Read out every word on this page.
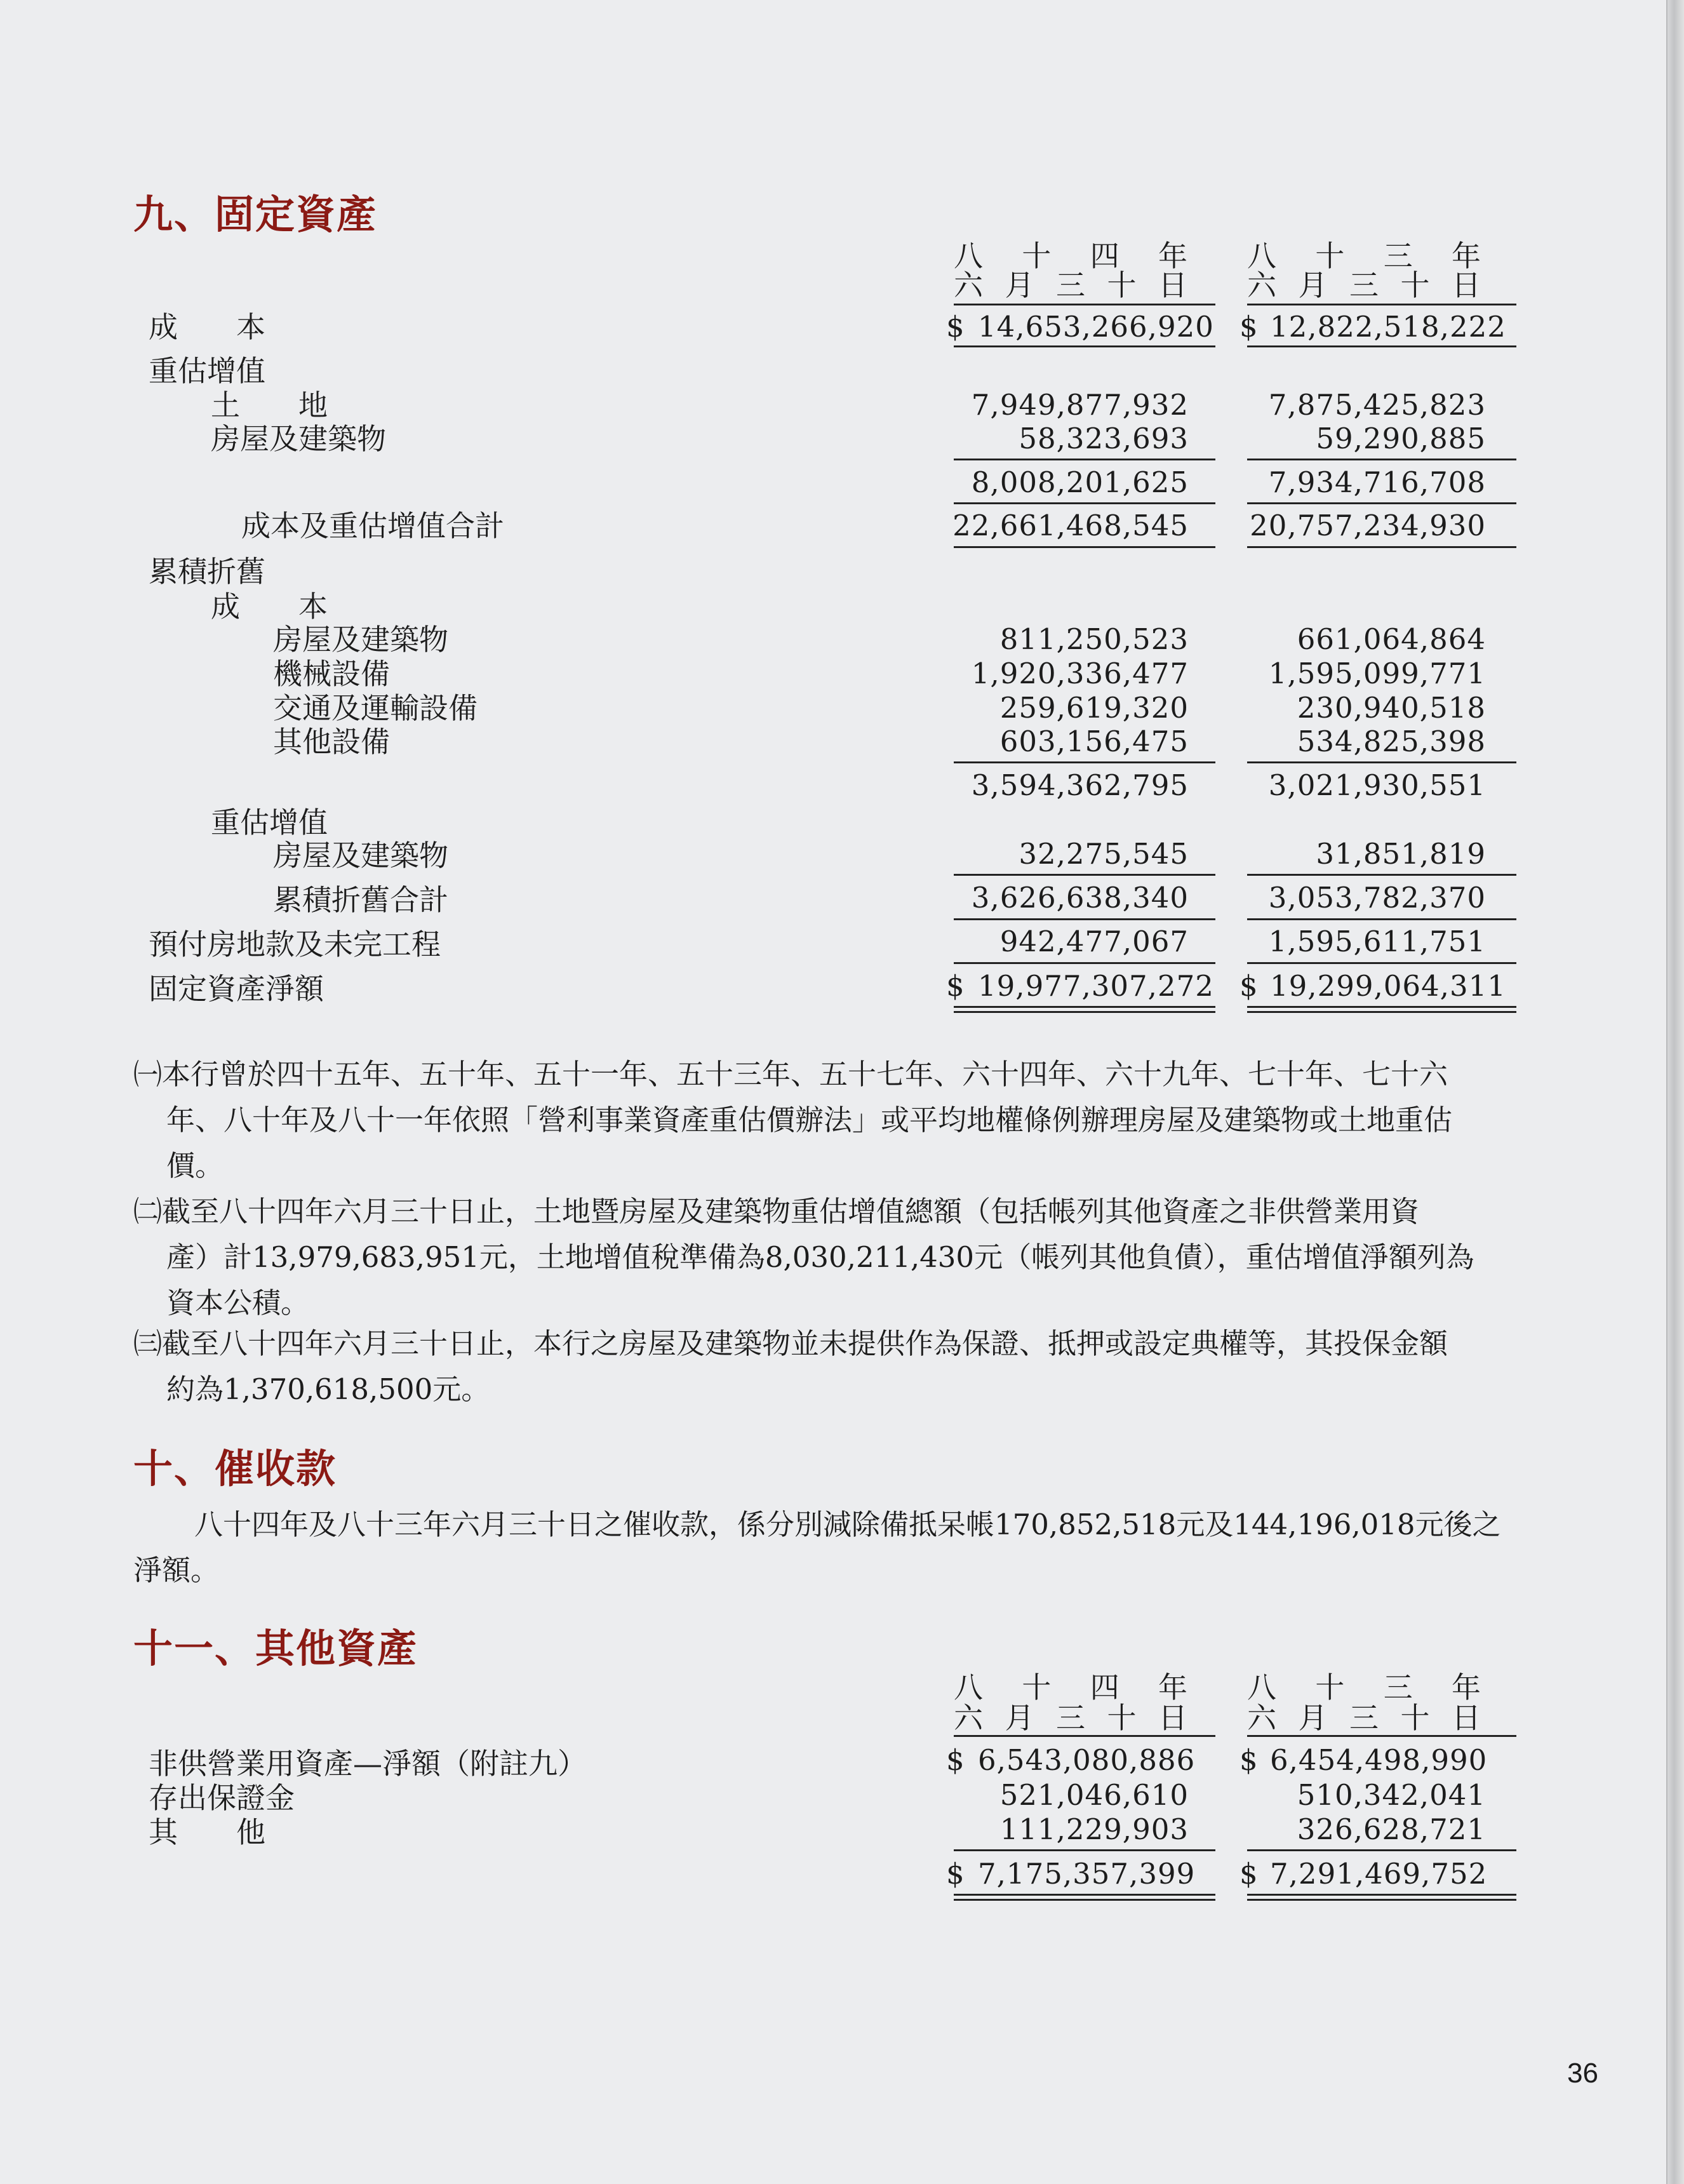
九、固定資產
八 十 四 年
六 月 三 十 日
八 十 三 年
六 月 三 十 日
成　　本	$ 14,653,266,920 $ 12,822,518,222
重估增值
土　　地	7,949,877,932	7,875,425,823
房屋及建築物	58,323,693	59,290,885
8,008,201,625	7,934,716,708
成本及重估增值合計	22,661,468,545	20,757,234,930
累積折舊
成　　本
房屋及建築物	811,250,523	661,064,864
機械設備	1,920,336,477	1,595,099,771
交通及運輸設備	259,619,320	230,940,518
其他設備	603,156,475	534,825,398
3,594,362,795	3,021,930,551
重估增值
房屋及建築物	32,275,545	31,851,819
累積折舊合計	3,626,638,340	3,053,782,370
預付房地款及未完工程	942,477,067	1,595,611,751
固定資產淨額	$ 19,977,307,272 $ 19,299,064,311
㈠本行曾於四十五年、五十年、五十一年、五十三年、五十七年、六十四年、六十九年、七十年、七十六
年、八十年及八十一年依照「營利事業資產重估價辦法」或平均地權條例辦理房屋及建築物或土地重估
價。
㈡截至八十四年六月三十日止，土地暨房屋及建築物重估增值總額（包括帳列其他資產之非供營業用資
產）計13,979,683,951元，土地增值稅準備為8,030,211,430元（帳列其他負債），重估增值淨額列為
資本公積。
㈢截至八十四年六月三十日止，本行之房屋及建築物並未提供作為保證、抵押或設定典權等，其投保金額
約為1,370,618,500元。
十、催收款
八十四年及八十三年六月三十日之催收款，係分別減除備抵呆帳170,852,518元及144,196,018元後之
淨額。
十一、其他資產
八 十 四 年
六 月 三 十 日
八 十 三 年
六 月 三 十 日
非供營業用資產—淨額（附註九）	$ 6,543,080,886 $ 6,454,498,990
存出保證金	521,046,610	510,342,041
其　　他	111,229,903	326,628,721
$ 7,175,357,399 $ 7,291,469,752
36
